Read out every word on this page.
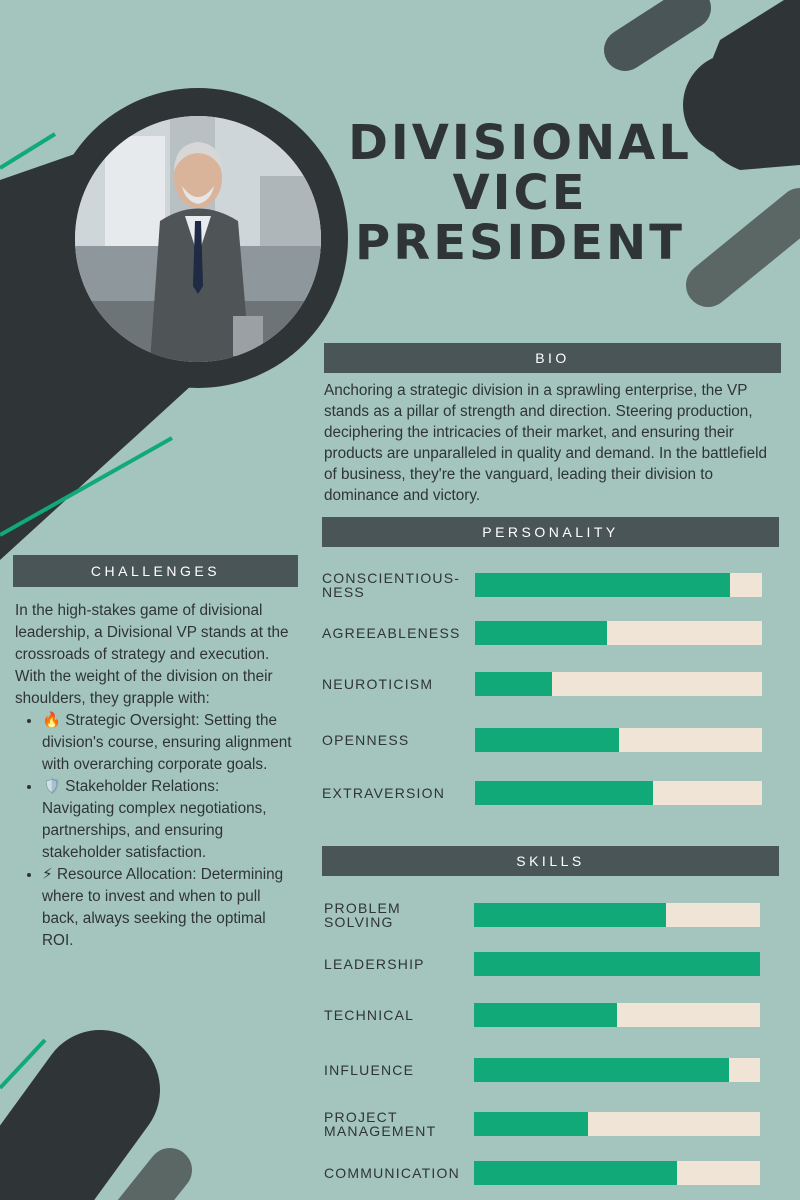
DIVISIONAL
VICE
PRESIDENT
BIO
Anchoring a strategic division in a sprawling enterprise, the VP stands as a pillar of strength and direction. Steering production, deciphering the intricacies of their market, and ensuring their products are unparalleled in quality and demand. In the battlefield of business, they're the vanguard, leading their division to dominance and victory.
PERSONALITY
CONSCIENTIOUS-
NESS
AGREEABLENESS
NEUROTICISM
OPENNESS
EXTRAVERSION
SKILLS
PROBLEM
SOLVING
LEADERSHIP
TECHNICAL
INFLUENCE
PROJECT
MANAGEMENT
COMMUNICATION
CHALLENGES
In the high-stakes game of divisional leadership, a Divisional VP stands at the crossroads of strategy and execution. With the weight of the division on their shoulders, they grapple with:
• 🔥 Strategic Oversight: Setting the division's course, ensuring alignment with overarching corporate goals.
• 🛡️ Stakeholder Relations: Navigating complex negotiations, partnerships, and ensuring stakeholder satisfaction.
• ⚡ Resource Allocation: Determining where to invest and when to pull back, always seeking the optimal ROI.
